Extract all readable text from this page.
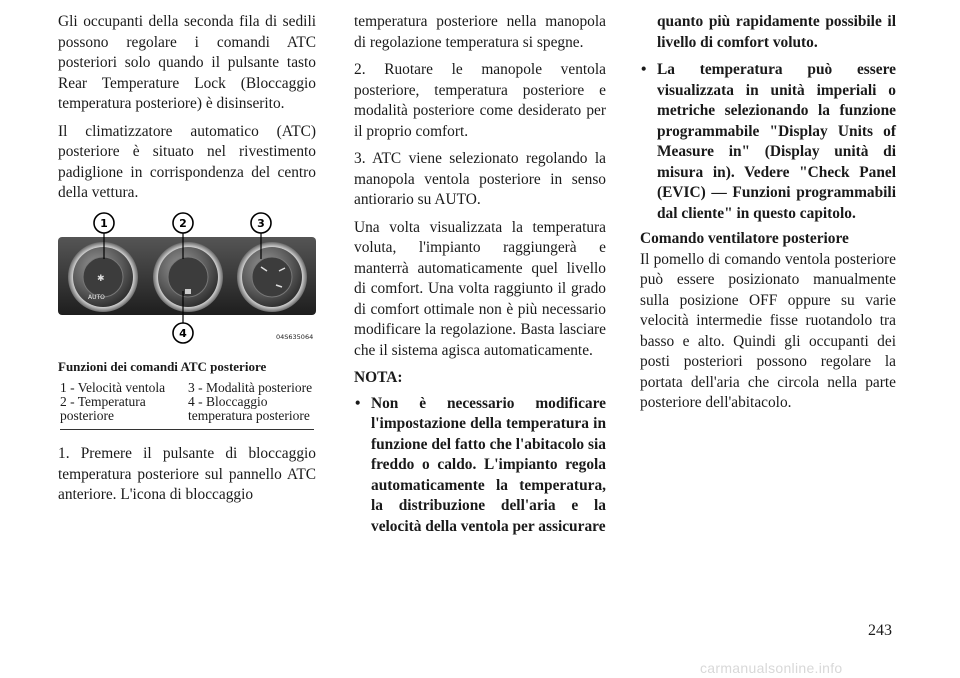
Gli occupanti della seconda fila di sedili possono regolare i comandi ATC posteriori solo quando il pulsante tasto Rear Temperature Lock (Bloccaggio temperatura posteriore) è disinserito.

Il climatizzatore automatico (ATC) posteriore è situato nel rivestimento padiglione in corrispondenza del centro della vettura.

✱
AUTO
1	2	3
4	04S635064
Funzioni dei comandi ATC posteriore
1 - Velocità ventola	3 - Modalità posteriore
2 - Temperatura posteriore
4 - Bloccaggio temperatura posteriore

1. Premere il pulsante di bloccaggio temperatura posteriore sul pannello ATC anteriore. L'icona di bloccaggio

temperatura posteriore nella manopola di regolazione temperatura si spegne.

2. Ruotare le manopole ventola posteriore, temperatura posteriore e modalità posteriore come desiderato per il proprio comfort.

3. ATC viene selezionato regolando la manopola ventola posteriore in senso antiorario su AUTO.

Una volta visualizzata la temperatura voluta, l'impianto raggiungerà e manterrà automaticamente quel livello di comfort. Una volta raggiunto il grado di comfort ottimale non è più necessario modificare la regolazione. Basta lasciare che il sistema agisca automaticamente.

NOTA:
• Non è necessario modificare l'impostazione della temperatura in funzione del fatto che l'abitacolo sia freddo o caldo. L'impianto regola automaticamente la temperatura, la distribuzione dell'aria e la velocità della ventola per assicurare

quanto più rapidamente possibile il livello di comfort voluto.

• La temperatura può essere visualizzata in unità imperiali o metriche selezionando la funzione programmabile "Display Units of Measure in" (Display unità di misura in). Vedere "Check Panel (EVIC) — Funzioni programmabili dal cliente" in questo capitolo.

Comando ventilatore posteriore

Il pomello di comando ventola posteriore può essere posizionato manualmente sulla posizione OFF oppure su varie velocità intermedie fisse ruotandolo tra basso e alto. Quindi gli occupanti dei posti posteriori possono regolare la portata dell'aria che circola nella parte posteriore dell'abitacolo.

243
carmanualsonline.info
